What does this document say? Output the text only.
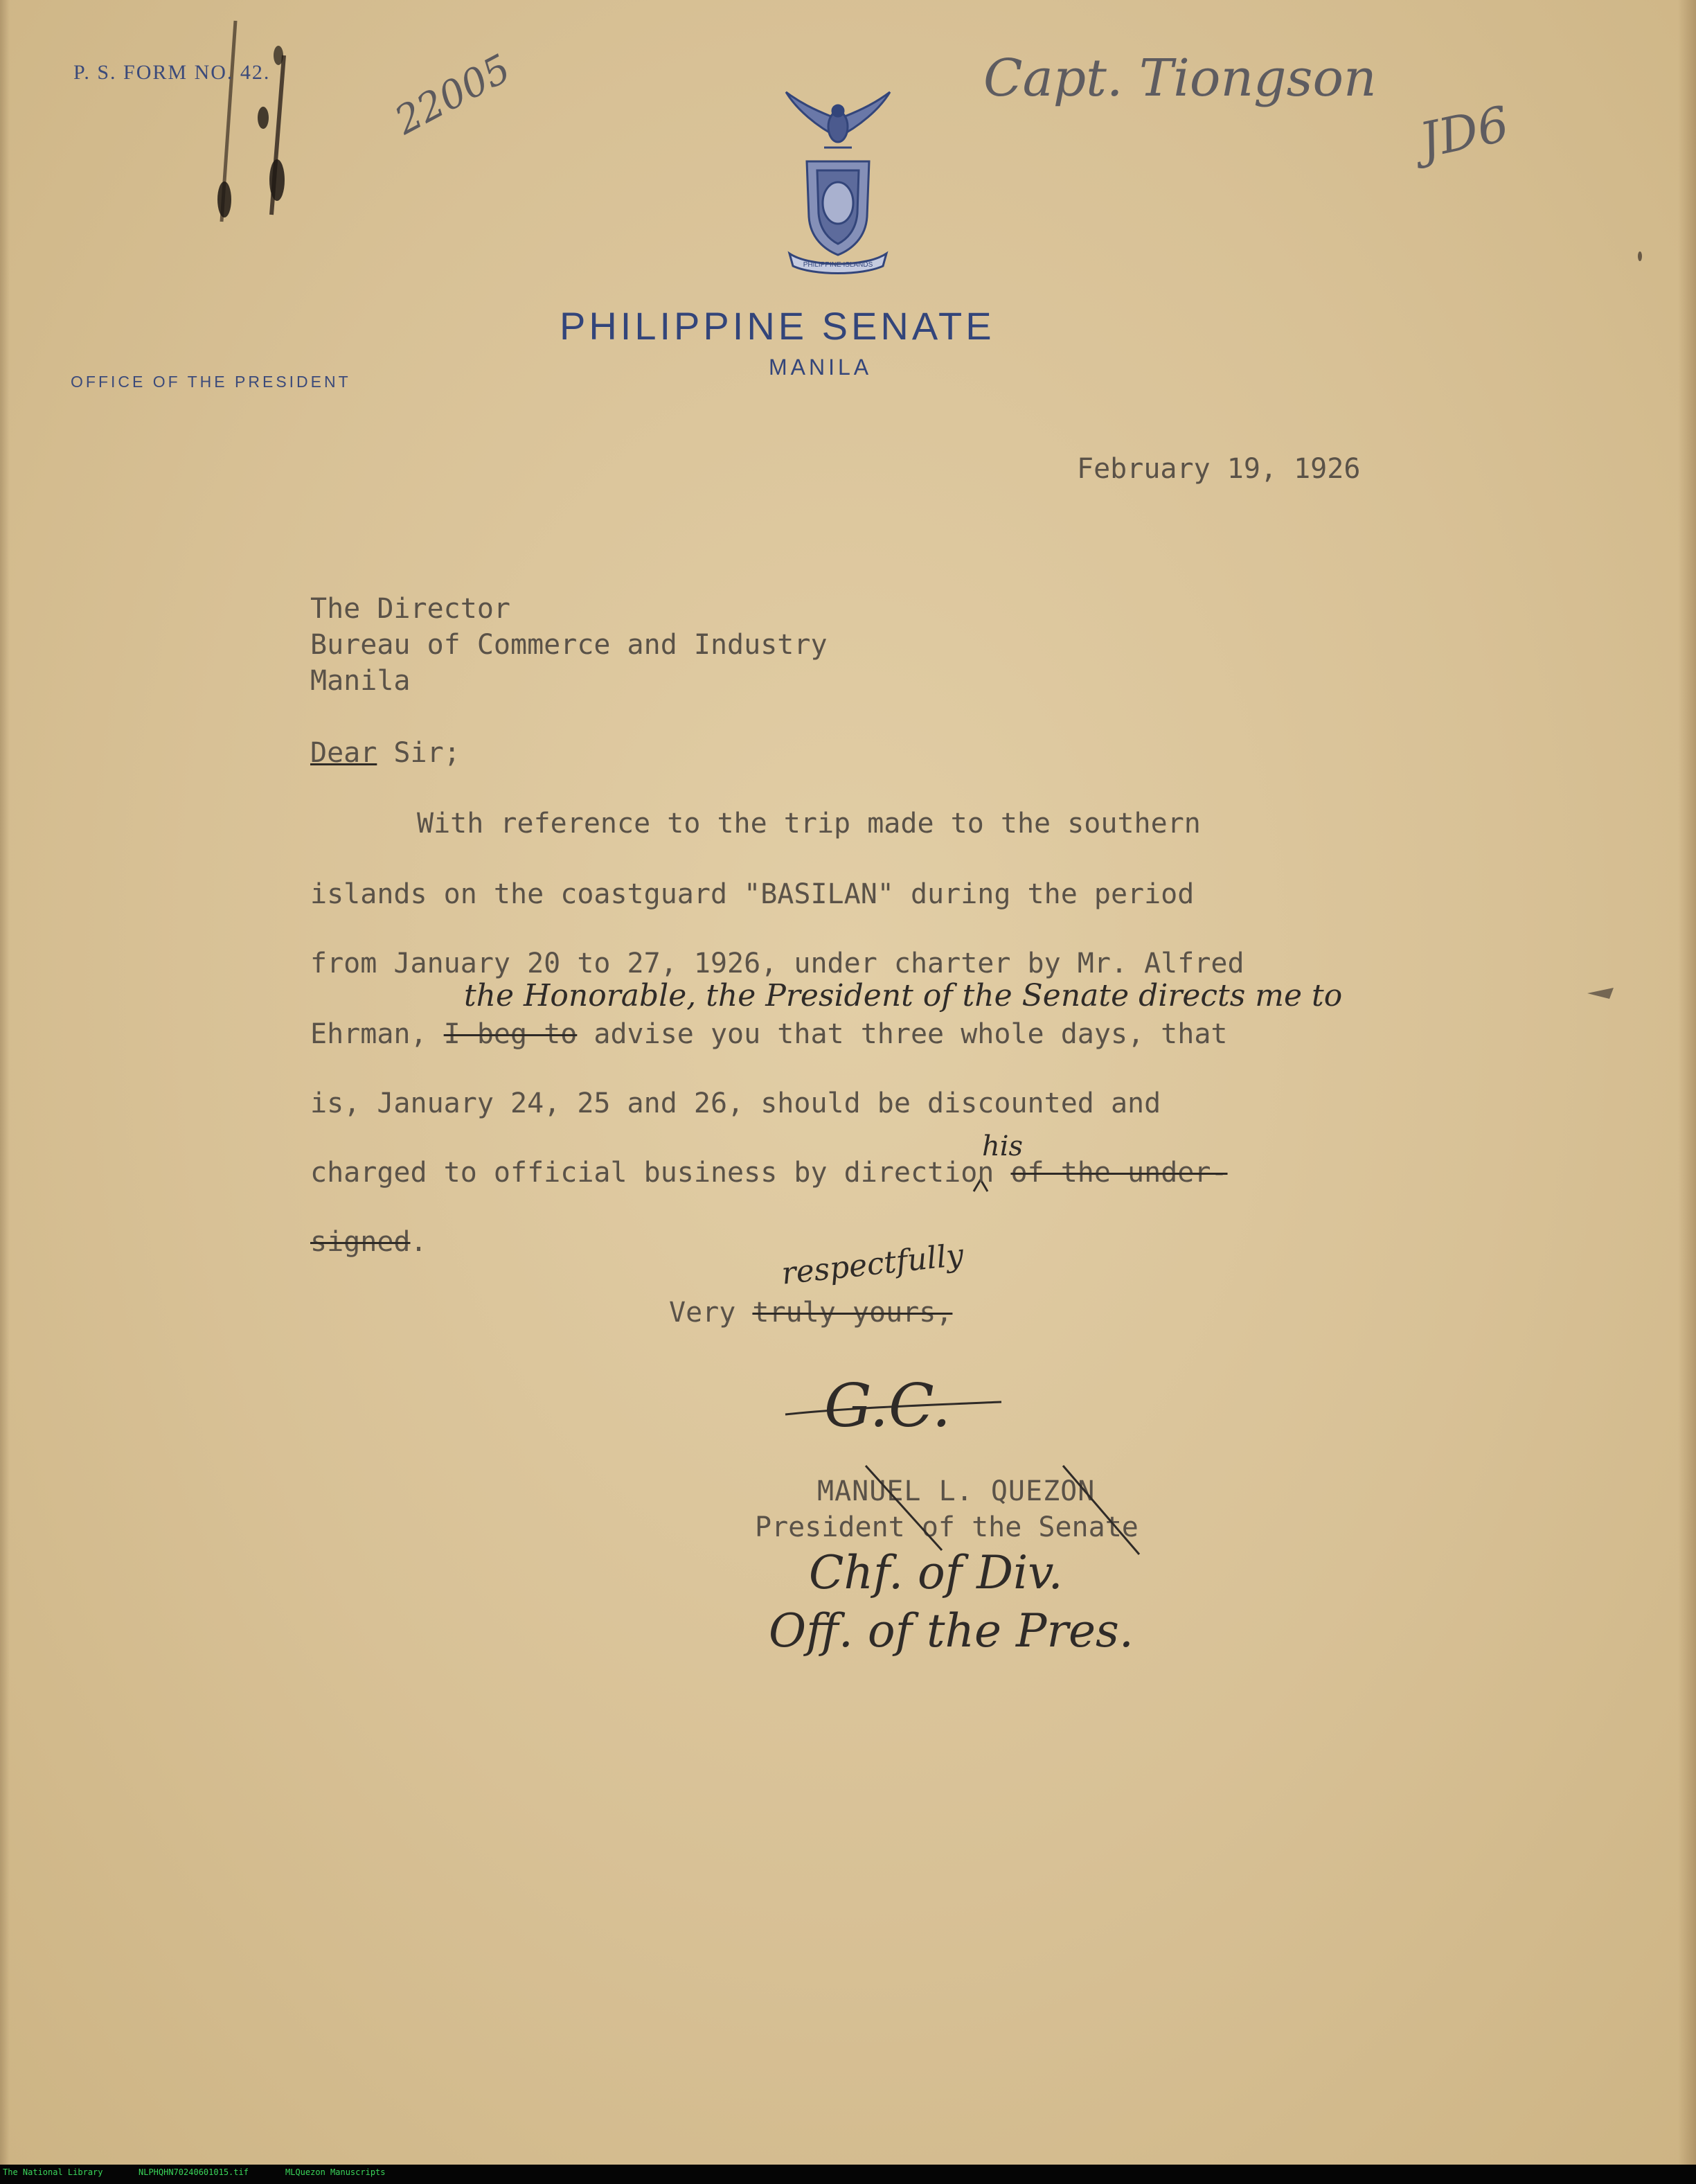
P. S. FORM NO. 42.
PHILIPPINE ISLANDS
PHILIPPINE SENATE
MANILA
OFFICE OF THE PRESIDENT
22005	Capt. Tiongson
JD6
February 19, 1926
The Director
Bureau of Commerce and Industry
Manila
Dear Sir;
With reference to the trip made to the southern
islands on the coastguard "BASILAN" during the period
from January 20 to 27, 1926, under charter by Mr. Alfred
the Honorable, the President of the Senate directs me to
Ehrman, I beg to advise you that three whole days, that
is, January 24, 25 and 26, should be discounted and
his
charged to official business by direction of the under-
signed.	respectfully
Very truly yours,
G.C.
MANUEL L. QUEZON
President of the Senate
Chf. of Div.
Off. of the Pres.
The National Library	NLPHQHN70240601015.tif	MLQuezon Manuscripts
